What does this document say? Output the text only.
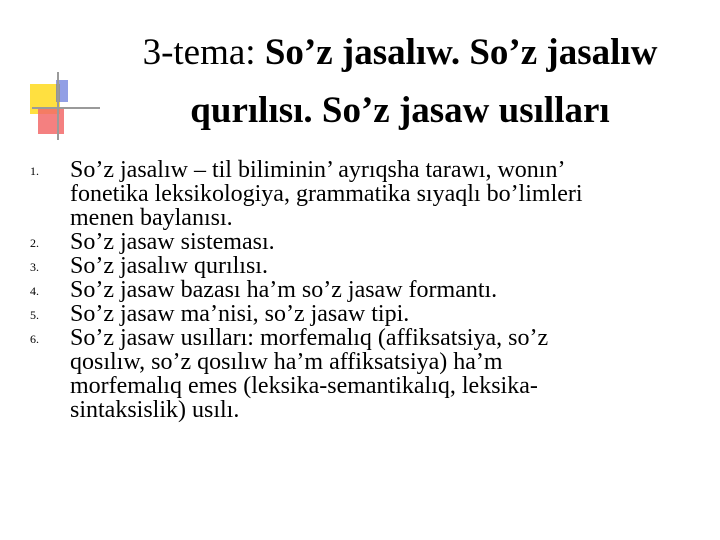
3-tema: So’z jasalıw. So’z jasalıw
qurılısı. So’z jasaw usılları
1. So’z jasalıw – til biliminin’ ayrıqsha tarawı, wonın’
fonetika leksikologiya, grammatika sıyaqlı bo’limleri
menen baylanısı.
2. So’z jasaw sisteması.
3. So’z jasalıw qurılısı.
4. So’z jasaw bazası ha’m so’z jasaw formantı.
5. So’z jasaw ma’nisi, so’z jasaw tipi.
6. So’z jasaw usılları: morfemalıq (affiksatsiya, so’z
qosılıw, so’z qosılıw ha’m affiksatsiya) ha’m
morfemalıq emes (leksika-semantikalıq, leksika-
sintaksislik) usılı.
